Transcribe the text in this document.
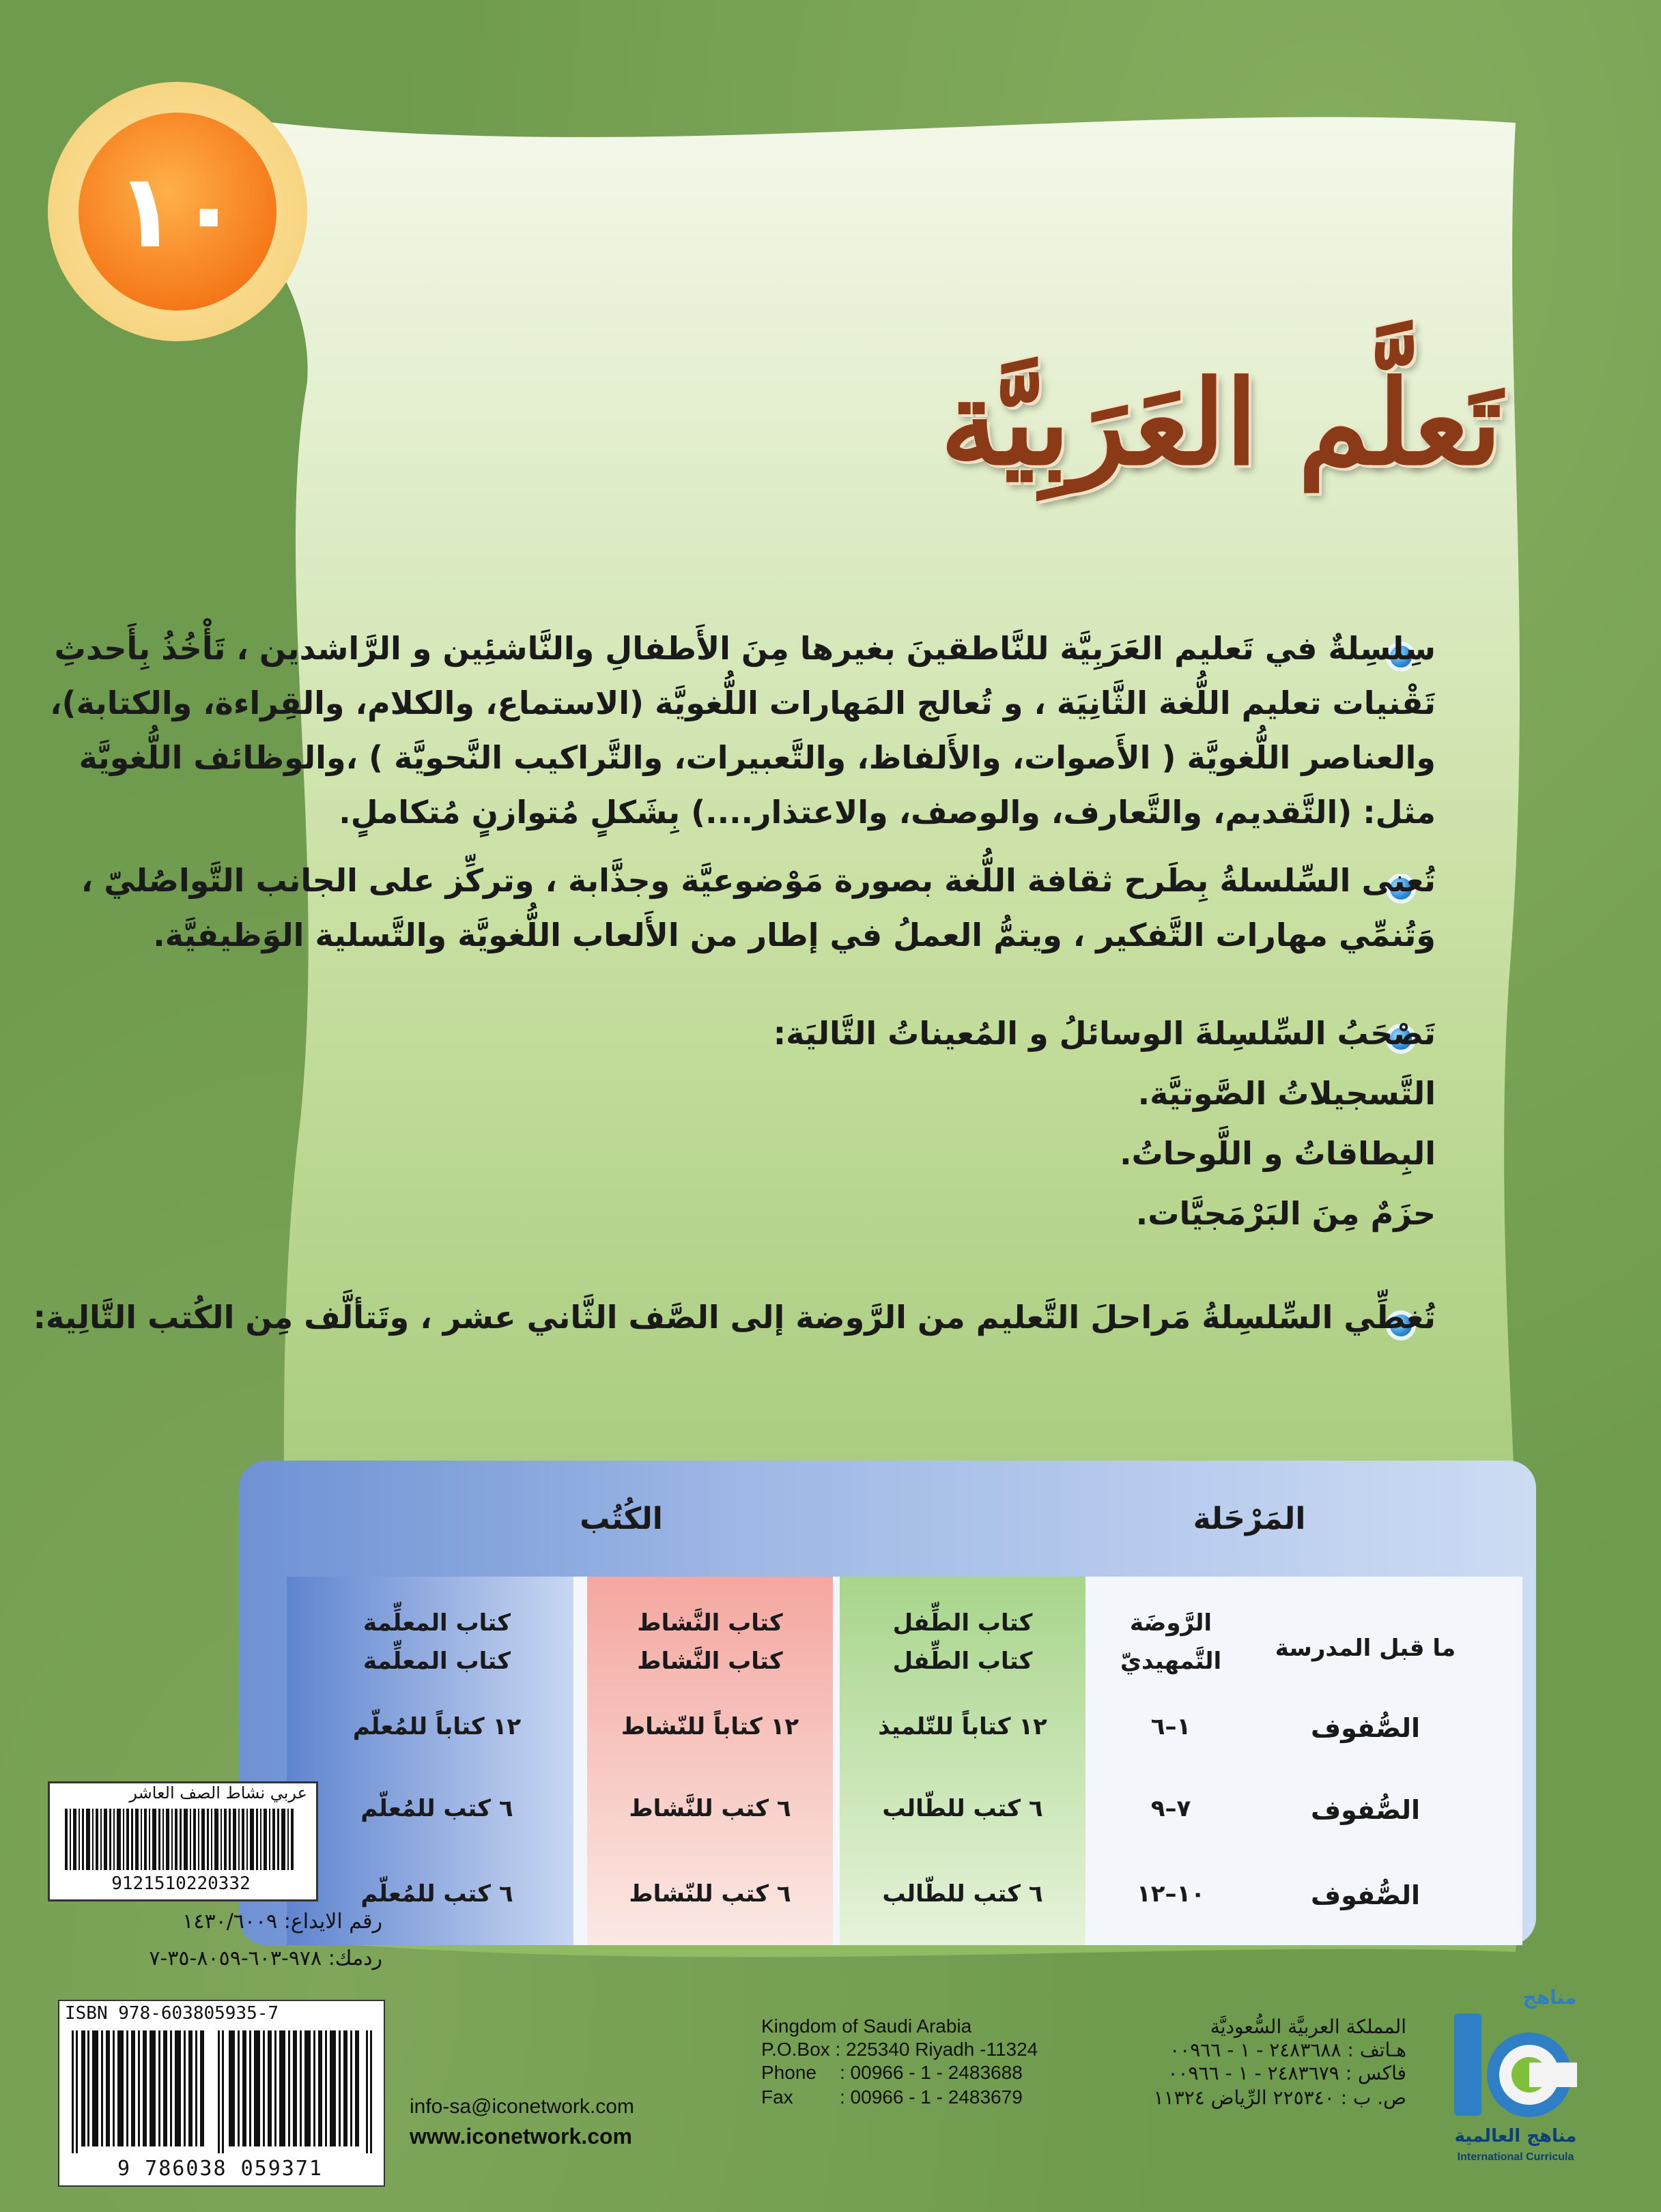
١٠
تَعلَّم العَرَبِيَّة
سِلسِلةٌ في تَعليم العَرَبِيَّة للنَّاطقينَ بغيرها مِنَ الأَطفالِ والنَّاشئِين و الرَّاشدين ، تَأْخُذُ بِأَحدثِ
تَقْنيات تعليم اللُّغة الثَّانِيَة ، و تُعالج المَهارات اللُّغويَّة (الاستماع، والكلام، والقِراءة، والكتابة)،
والعناصر اللُّغويَّة ( الأَصوات، والأَلفاظ، والتَّعبيرات، والتَّراكيب النَّحويَّة ) ،والوظائف اللُّغويَّة
مثل: (التَّقديم، والتَّعارف، والوصف، والاعتذار....) بِشَكلٍ مُتوازنٍ مُتكاملٍ.
تُعنى السِّلسلةُ بِطَرح ثقافة اللُّغة بصورة مَوْضوعيَّة وجذَّابة ، وتركِّز على الجانب التَّواصُليّ ،
وَتُنمِّي مهارات التَّفكير ، ويتمُّ العملُ في إطار من الأَلعاب اللُّغويَّة والتَّسلية الوَظيفيَّة.
تَصْحَبُ السِّلسِلةَ الوسائلُ و المُعيناتُ التَّاليَة:
التَّسجيلاتُ الصَّوتيَّة.
البِطاقاتُ و اللَّوحاتُ.
حزَمٌ مِنَ البَرْمَجيَّات.
تُغطِّي السِّلسِلةُ مَراحلَ التَّعليم من الرَّوضة إلى الصَّف الثَّاني عشر ، وتَتألَّف مِن الكُتب التَّالِية:
المَرْحَلة
الكُتُب
ما قبل المدرسة
الرَّوضَة
التَّمهيديّ
كتاب الطِّفل
كتاب الطِّفل
كتاب النَّشاط
كتاب النَّشاط
كتاب المعلِّمة
كتاب المعلِّمة
الصُّفوف
١–٦
١٢ كتاباً للتّلميذ
١٢ كتاباً للنّشاط
١٢ كتاباً للمُعلّم
الصُّفوف
٧–٩
٦ كتب للطّالب
٦ كتب للنَّشاط
٦ كتب للمُعلّم
الصُّفوف
١٠–١٢
٦ كتب للطّالب
٦ كتب للنّشاط
٦ كتب للمُعلّم
عربي نشاط الصف العاشر
9121510220332
رقم الايداع: ١٤٣٠/٦٠٠٩
ردمك: ٩٧٨-٦٠٣-٨٠٥٩-٣٥-٧
ISBN 978-603805935-7
9 786038 059371
info-sa@iconetwork.com
www.iconetwork.com
Kingdom of Saudi Arabia
P.O.Box : 225340 Riyadh -11324
Phone : 00966 - 1 - 2483688
Fax : 00966 - 1 - 2483679
المملكة العربيَّة السُّعوديَّة
هـاتف : ٢٤٨٣٦٨٨ - ١ - ٠٠٩٦٦
فاكس : ٢٤٨٣٦٧٩ - ١ - ٠٠٩٦٦
ص. ب : ٢٢٥٣٤٠ الرِّياض ١١٣٢٤
مناهج
مناهج العالمية
International Curricula
